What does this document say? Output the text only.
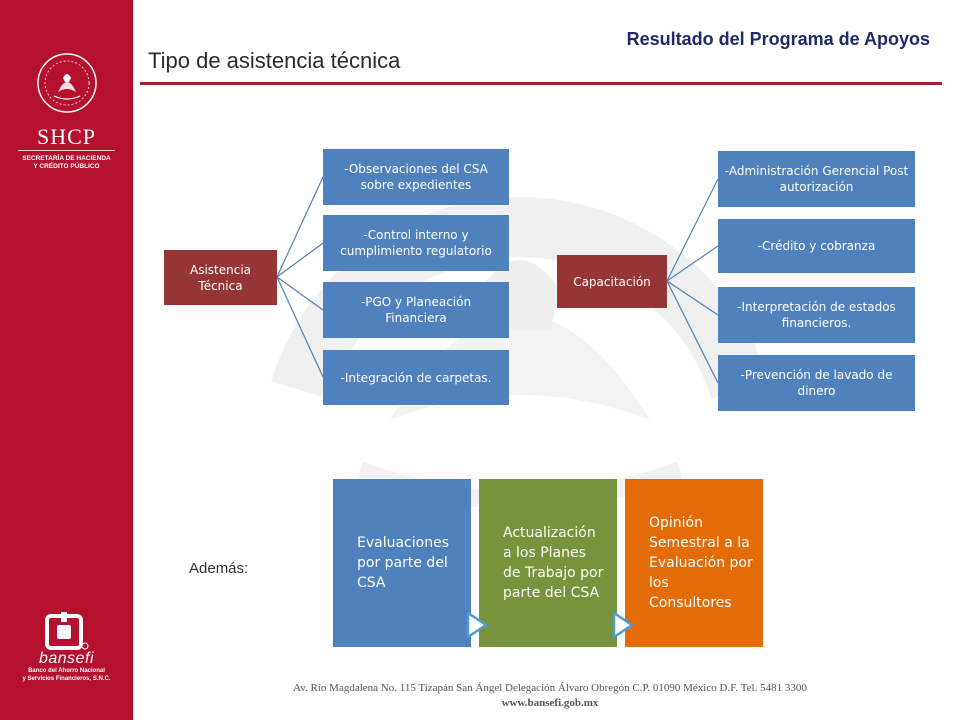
SHCP
SECRETARÍA DE HACIENDA
Y CRÉDITO PÚBLICO
bansefi
Banco del Ahorro Nacional
y Servicios Financieros, S.N.C.
Resultado del Programa de Apoyos
Tipo de asistencia técnica
Asistencia Técnica
-Observaciones del CSA sobre expedientes
-Control interno y cumplimiento regulatorio
-PGO y Planeación Financiera
-Integración de carpetas.
Capacitación
-Administración Gerencial Post autorización
-Crédito y cobranza
-Interpretación de estados financieros.
-Prevención de lavado de dinero
Además:
Evaluaciones por parte del CSA
Actualización a los Planes de Trabajo por parte del CSA
Opinión Semestral a la Evaluación por los Consultores
Av. Río Magdalena No. 115 Tizapán San Ángel Delegación Álvaro Obregón C.P. 01090 México D.F. Tel. 5481 3300
www.bansefi.gob.mx
